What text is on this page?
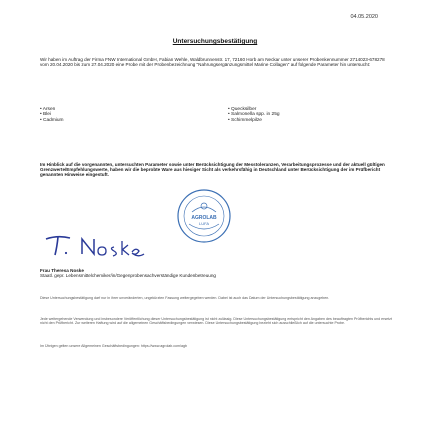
04.05.2020
Untersuchungsbestätigung
Wir haben im Auftrag der Firma FNW International GmbH, Fabian Wehle, Waldbrunnenstr. 17, 72160 Horb am Neckar unter unserer Probenkennummer 2714023-678278 vom 20.04.2020 bis zum 27.04.2020 eine Probe mit der Probenbezeichnung "Nahrungsergänzungsmittel Marine Collagen" auf folgende Parameter hin untersucht:
• Arsen
• Blei
• Cadmium
• Quecksilber
• Salmonella spp. in 25g
• Schimmelpilze
Im Hinblick auf die vorgenannten, untersuchten Parameter sowie unter Berücksichtigung der Messtoleranzen, Verarbeitungsprozesse und der aktuell gültigen Grenzwerte/Empfehlungswerte, haben wir die beprobte Ware aus hiesiger Sicht als verkehrsfähig in Deutschland unter Berücksichtigung der im Prüfbericht genannten Hinweise eingestuft.
AGROLAB
LUFA
Frau Theresa Noske
Staatl. gepr. Lebensmittelchemiker/in/Gegenprobensachverständige Kundenbetreuung
Diese Untersuchungsbestätigung darf nur in ihrer unveränderten, ungekürzten Fassung weitergegeben werden. Dabei ist auch das Datum der Untersuchungsbestätigung anzugeben.
Jede weitergehende Verwendung und insbesondere Veröffentlichung dieser Untersuchungsbestätigung ist nicht zulässig. Diese Untersuchungsbestätigung entspricht den Angaben des beauftragten Prüfberichts und ersetzt nicht den Prüfbericht. Zur weiteren Haftung wird auf die allgemeinen Geschäftsbedingungen verwiesen. Diese Untersuchungsbestätigung bezieht sich ausschließlich auf die untersuchte Probe.
Im Übrigen gelten unsere Allgemeinen Geschäftsbedingungen: https://www.agrolab.com/agb
